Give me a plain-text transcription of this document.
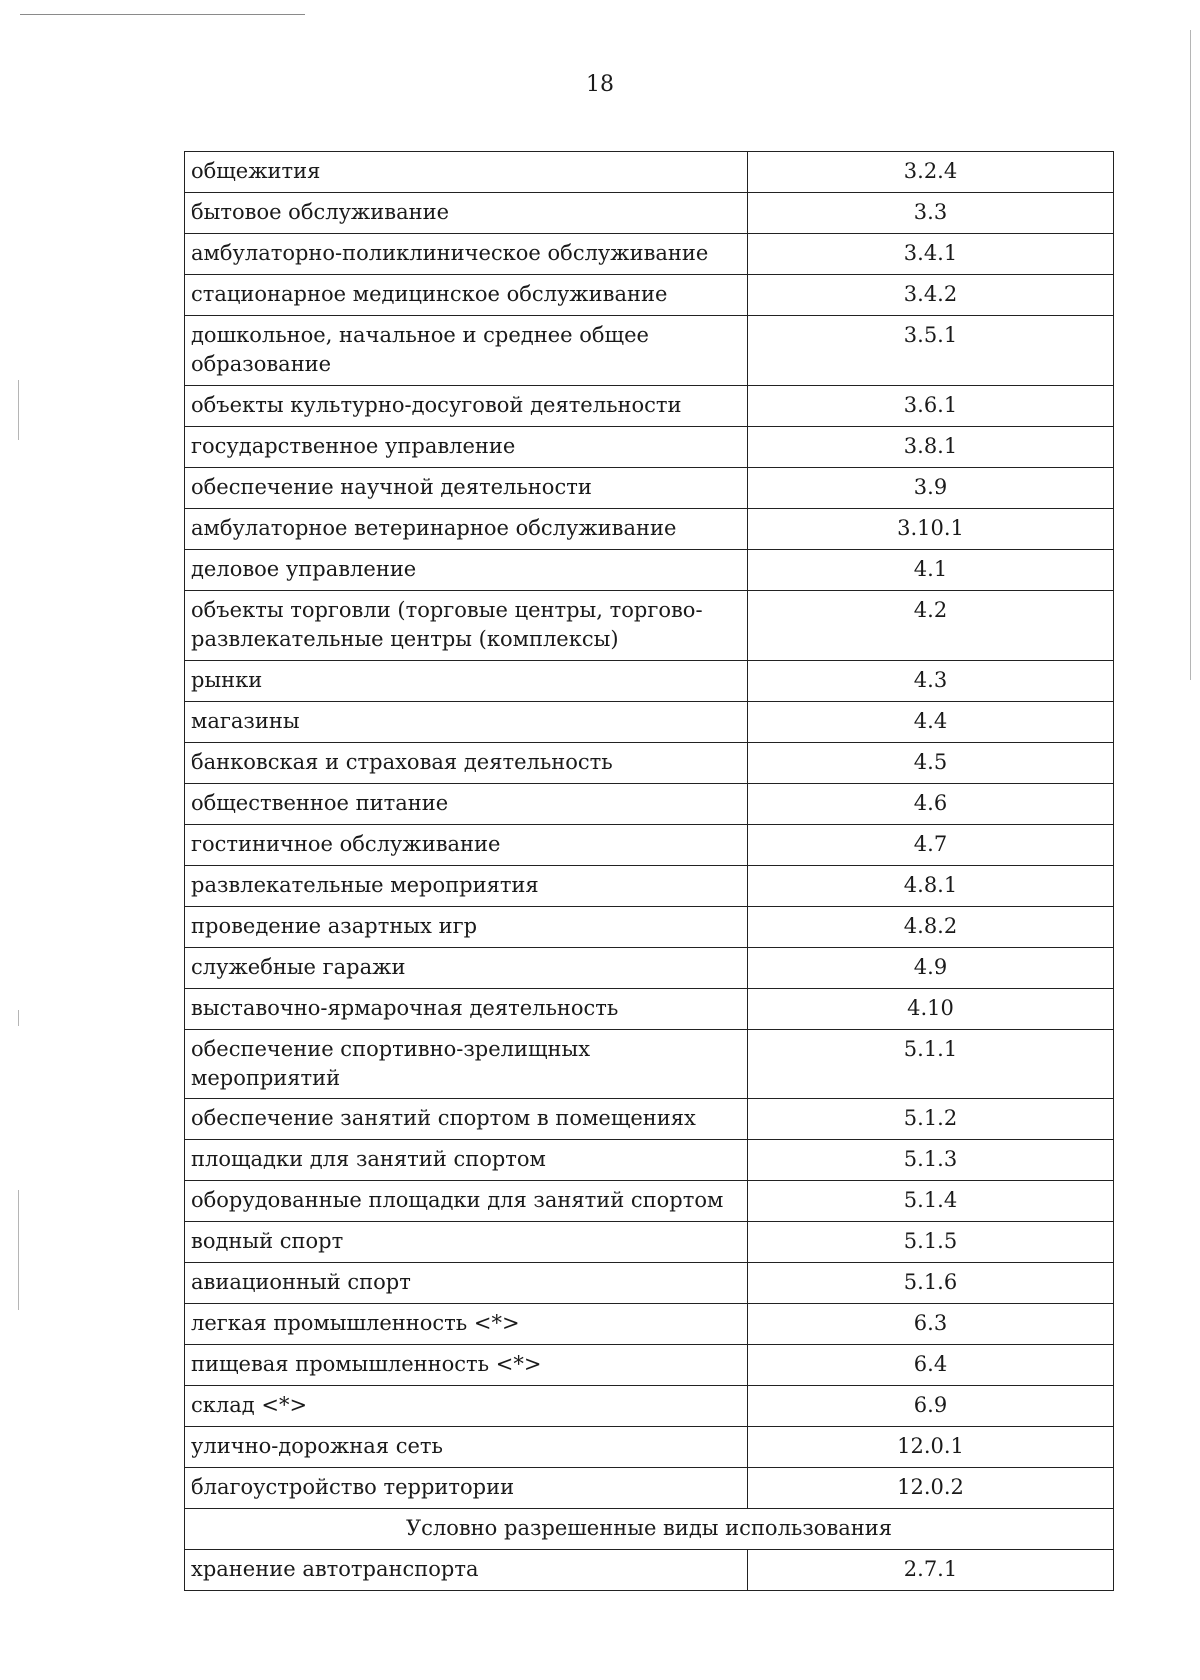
18
общежития	3.2.4
бытовое обслуживание	3.3
амбулаторно-поликлиническое обслуживание	3.4.1
стационарное медицинское обслуживание	3.4.2
дошкольное, начальное и среднее общее образование	3.5.1
объекты культурно-досуговой деятельности	3.6.1
государственное управление	3.8.1
обеспечение научной деятельности	3.9
амбулаторное ветеринарное обслуживание	3.10.1
деловое управление	4.1
объекты торговли (торговые центры, торгово-развлекательные центры (комплексы)	4.2
рынки	4.3
магазины	4.4
банковская и страховая деятельность	4.5
общественное питание	4.6
гостиничное обслуживание	4.7
развлекательные мероприятия	4.8.1
проведение азартных игр	4.8.2
служебные гаражи	4.9
выставочно-ярмарочная деятельность	4.10
обеспечение спортивно-зрелищных мероприятий	5.1.1
обеспечение занятий спортом в помещениях	5.1.2
площадки для занятий спортом	5.1.3
оборудованные площадки для занятий спортом	5.1.4
водный спорт	5.1.5
авиационный спорт	5.1.6
легкая промышленность <*>	6.3
пищевая промышленность <*>	6.4
склад <*>	6.9
улично-дорожная сеть	12.0.1
благоустройство территории	12.0.2
Условно разрешенные виды использования	
хранение автотранспорта	2.7.1
